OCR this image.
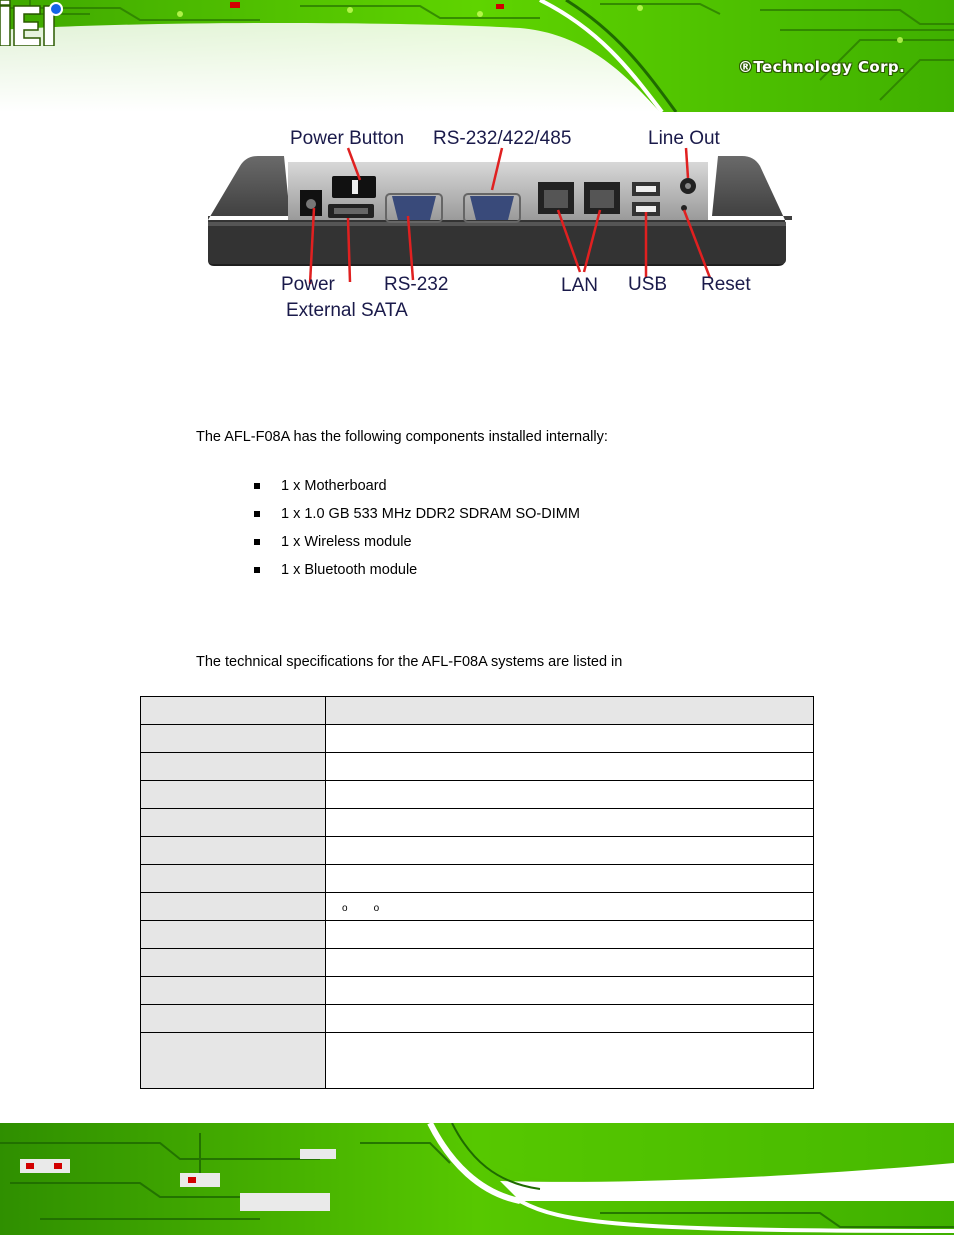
®Technology Corp.
Power Button RS-232/422/485	Line Out
Power	RS-232	LAN USB Reset
External SATA
The AFL-F08A has the following components installed internally:
1 x Motherboard
1 x 1.0 GB 533 MHz DDR2 SDRAM SO-DIMM
1 x Wireless module
1 x Bluetooth module
The technical specifications for the AFL-F08A systems are listed in

	o o
